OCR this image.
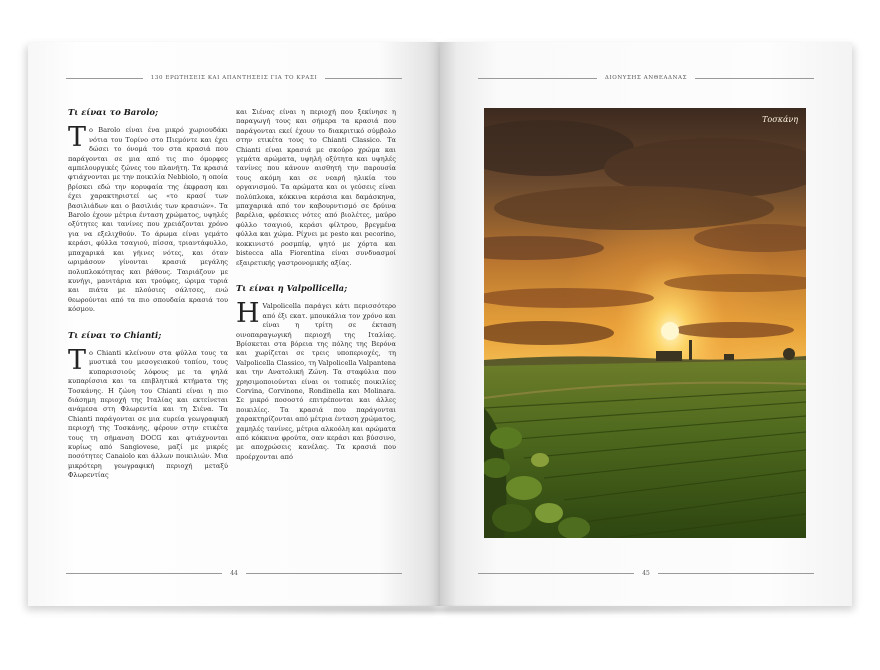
130 ΕΡΩΤΗΣΕΙΣ ΚΑΙ ΑΠΑΝΤΗΣΕΙΣ ΓΙΑ ΤΟ ΚΡΑΣΙ
Τι είναι το Barolo;

Το Barolo είναι ένα μικρό χωριουδάκι νότια του Τορίνο στο Πιεμόντε και έχει δώσει το όνομά του στα κρασιά που παράγονται σε μια από τις πιο όμορφες αμπελουργικές ζώνες του πλανήτη. Τα κρασιά φτιάχνονται με την ποικιλία Nebbiolo, η οποία βρίσκει εδώ την κορυφαία της έκφραση και έχει χαρακτηριστεί ως «το κρασί των βασιλιάδων και ο βασιλιάς των κρασιών». Τα Barolo έχουν μέτρια ένταση χρώματος, υψηλές οξύτητες και τανίνες που χρειάζονται χρόνο για να εξελιχθούν. Το άρωμα είναι γεμάτο κεράσι, φύλλα τσαγιού, πίσσα, τριαντάφυλλο, μπαχαρικά και γήινες νότες, και όταν ωριμάσουν γίνονται κρασιά μεγάλης πολυπλοκότητας και βάθους. Ταιριάζουν με κυνήγι, μανιτάρια και τρούφες, ώριμα τυριά και πιάτα με πλούσιες σάλτσες, ενώ θεωρούνται από τα πιο σπουδαία κρασιά του κόσμου.

Τι είναι το Chianti;

Το Chianti κλείνουν στα φύλλα τους τα μυστικά του μεσογειακού τοπίου, τους κυπαρισσιούς λόφους με τα ψηλά κυπαρίσσια και τα επιβλητικά κτήματα της Τοσκάνης. Η ζώνη του Chianti είναι η πιο διάσημη περιοχή της Ιταλίας και εκτείνεται ανάμεσα στη Φλωρεντία και τη Σιένα. Τα Chianti παράγονται σε μια ευρεία γεωγραφική περιοχή της Τοσκάνης, φέρουν στην ετικέτα τους τη σήμανση DOCG και φτιάχνονται κυρίως από Sangiovese, μαζί με μικρές ποσότητες Canaiolo και άλλων ποικιλιών. Μια μικρότερη γεωγραφική περιοχή μεταξύ Φλωρεντίας

και Σιένας είναι η περιοχή που ξεκίνησε η παραγωγή τους και σήμερα τα κρασιά που παράγονται εκεί έχουν το διακριτικό σύμβολο στην ετικέτα τους το Chianti Classico. Τα Chianti είναι κρασιά με σκούρο χρώμα και γεμάτα αρώματα, υψηλή οξύτητα και υψηλές τανίνες που κάνουν αισθητή την παρουσία τους ακόμη και σε νεαρή ηλικία του οργανισμού. Τα αρώματα και οι γεύσεις είναι πολύπλοκα, κόκκινα κεράσια και δαμάσκηνα, μπαχαρικά από τον καβουρντισμό σε δρύινα βαρέλια, φρέσκιες νότες από βιολέτες, μαύρο φύλλο τσαγιού, κεράσι φίλτρου, βρεγμένα φύλλα και χώμα. Ρίχνει με pesto και pecorino, κοκκινιστό ροσμπίφ, ψητό με χόρτα και bistecca alla Fiorentina είναι συνδυασμοί εξαιρετικής γαστρονομικής αξίας.

Τι είναι η Valpollicella;

Η Valpolicella παράγει κάτι περισσότερο από έξι εκατ. μπουκάλια τον χρόνο και είναι η τρίτη σε έκταση οινοπαραγωγική περιοχή της Ιταλίας. Βρίσκεται στα βόρεια της πόλης της Βερόνα και χωρίζεται σε τρεις υποπεριοχές, τη Valpolicella Classico, τη Valpolicella Valpantena και την Ανατολική Ζώνη. Τα σταφύλια που χρησιμοποιούνται είναι οι τοπικές ποικιλίες Corvina, Corvinone, Rondinella και Molinara. Σε μικρό ποσοστό επιτρέπονται και άλλες ποικιλίες. Τα κρασιά που παράγονται χαρακτηρίζονται από μέτρια ένταση χρώματος, χαμηλές τανίνες, μέτρια αλκοόλη και αρώματα από κόκκινα φρούτα, σαν κεράσι και βύσσινο, με αποχρώσεις κανέλας. Τα κρασιά που προέρχονται από

44
ΔΙΟΝΥΣΗΣ ΑΝΘΕΑΔΝΑΣ
Τοσκάνη
45
